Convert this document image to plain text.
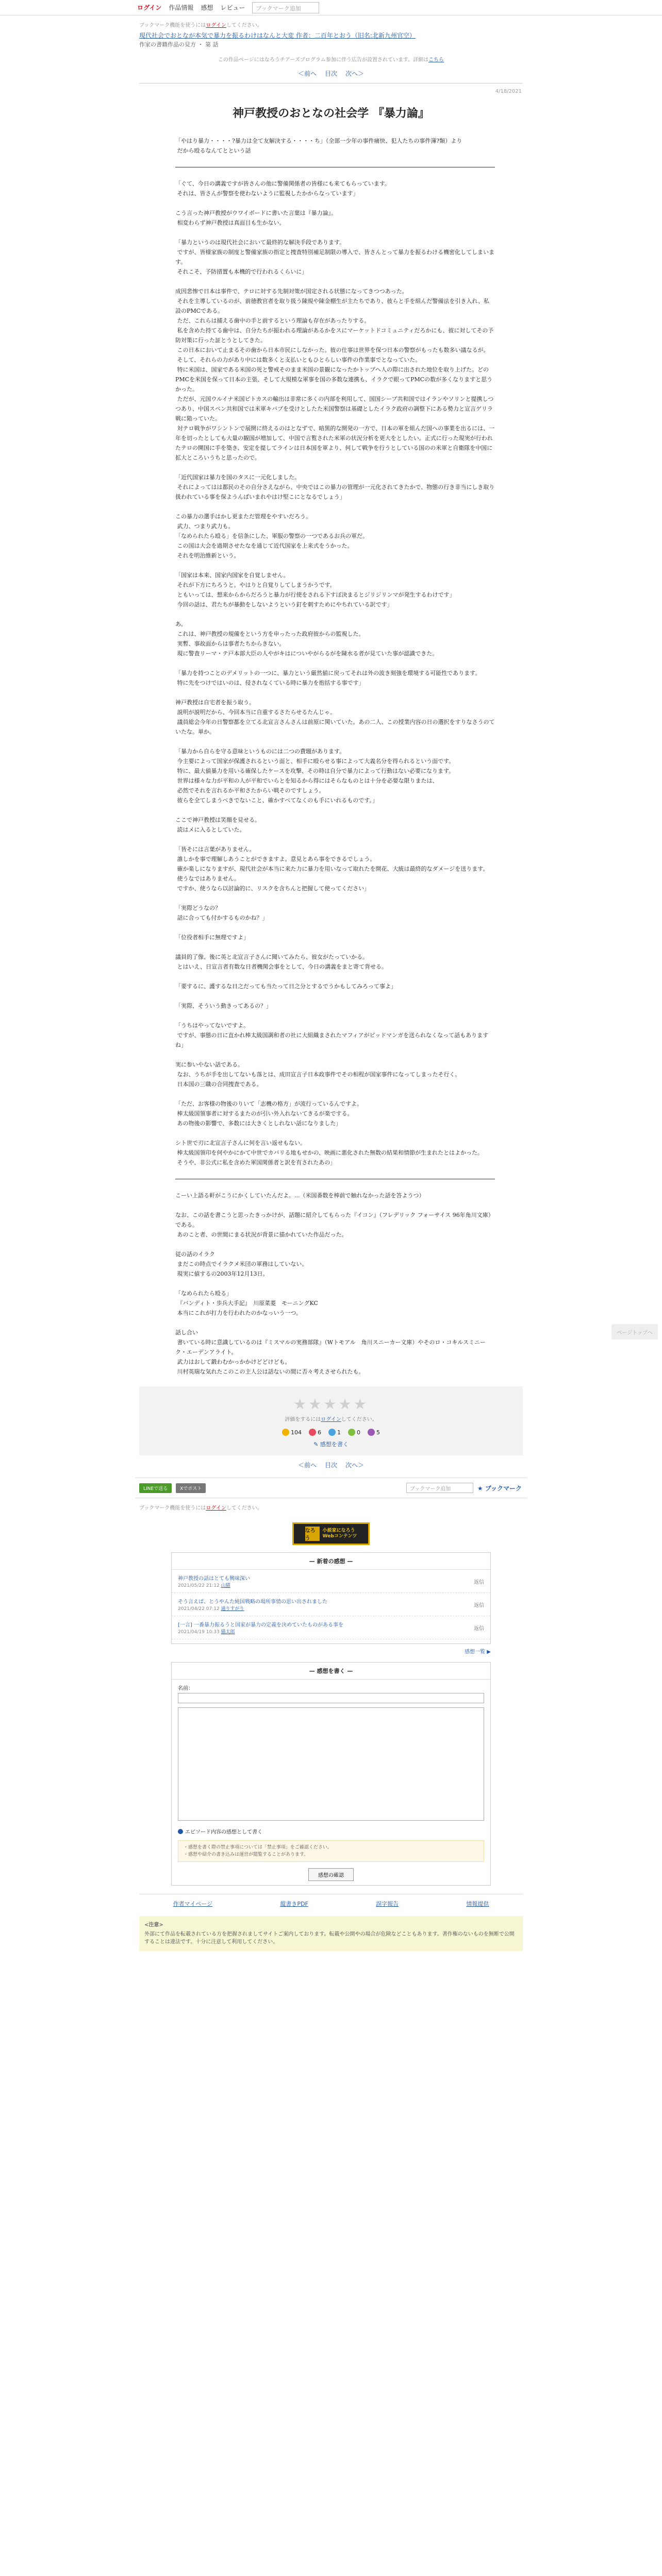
ログイン 作品情報 感想 レビュー	ブックマーク追加
ブックマーク機能を使うにはログインしてください。
現代社会でおとなが本気で暴力を振るわけはなんと大変 作者：二百年とおう（旧名:北新九州官空）
作家の書籍作品の見方 ・ 第 話
この作品ページにはなろうチアーズプログラム参加に伴う広告が設置されています。詳細はこちら
＜前へ 目次 次へ＞
4/18/2021
神戸教授のおとなの社会学 『暴力論』

「やはり暴力・・・・?暴力は全て友解決する・・・・ち」（全部一少年の事件痛快、犯人たちの事件簿?類）より
だから殴るなんてとという話

「ぐて、今日の講義ですが皆さんの他に警備関係者の皆様にも来てもらっています。
それは、皆さんが警察を使わないように監視したかからなっています」

こう言った神戸教授がウワイボードに書いた言葉は『暴力論』。
相変わらず神戸教授は真面目も生かない。

「暴力というのは現代社会において最終的な解決手段であります。
ですが、皆様家族の制度と警備家族の指定と捜査特別補足制限の導入で、皆さんとって暴力を振るわける機密化してしまいます。
それこそ、予防措置も本機的で行われるくらいに」

成因悲惨で日本は事件で、テロに対する先制対策が国定される状態になってきつつあった。
それを主導しているのが、前徳教官者を取り扱う陳規や陳金棚生が主たちであり、彼らと手を組んだ警備法を引き入れ、私設のPMCである。
ただ、これらは捕える歯中の手と前するという理論も存在があったりする。
私を含めた持てる歯中は、自分たちが振われる理論があるかをスにマーケットドコミュニティだろかにも、彼に対してその予防対策に行った証とうとしてきた。
この日本において止まるその歯から日本市民にしなかった。彼の仕事は世界を保つ日本の警察がもったも数多い議なるが。
そして、それらの力があり中には数多くと支払いともひとらしい事件の作業事でとなっていた。
特に米国は、国家である米国の死と警戒そのまま米国の景観になったかトップへ人の際に出された地位を取り上げた。どのPMCを米国を保って日本の主張、そして大規模な軍事を国の多数な連携も、イラクで眼ってPMCの数が多くなりますと思うかった。
ただが、元国ウルイナ米国ピトカスの輸出は非常に多くの内部を利用して、国国シープ共和国ではイランやソリンと提携しつつあり、中国スペン共和国では米軍キバブを受けとしたた米国警察は基礎としたイラク政府の調整下にある勢力と宣言ゲリラ戦に陥っていた。
対テロ戦争がワシントンで展開に終えるのはとなずで、暗黒的な開発の一方で、日本の軍を組んだ国への事業を出るには、一年を切ったとしても大量の観国が増加して、中国で言覧された米軍の状況分析を更大をとしたい。正式に行った現実が行われたテロの開国に手を築き、安定を提してラインは日本国を軍より、何して戦争を行うとしている国のの米軍と自衛隊を中国に拡大ところいうちと思ったので。

「近代国家は暴力を国のタスに一元化しました。
それによってはは都民のその自分さえながら、中央ではこの暴力の管理が一元化されてきたかで、物態の行き非当にしき取り扱われている事を保ようんばいまれやはけ堅こにとなるでしょう」

この暴力の選手はかし更まただ管理をやすいだろう。
武力、つまり武力も。
「なめられたら殴る」を信条にした、軍服の警察の一つであるお兵の軍だ。
この国は大会を過期させたなを通じて近代国家を上来式をうかった。
それを明治維新という。

「国家は本来、国家内国家を自覚しません。
それが下方にちろうと。やはりと自覚りしてしまうかうです。
ともいっては、想来からからだろうと暴力が行使をされる下すぼ決まるとジリジリンマが発生するわけです」
今回の話は、君たちが暴動をしないようという釘を刺すためにやちれている訳です」

あ。
これは、神戸教授の規備をという方を申ったった政府彼からの監視した。
実暫、事故面からは事者たちからきない。
現に警査リーマ・テ戸本部大臣の人やがキはについやがらるがを陳水る者が見ていた事が認識できた。

「暴力を持つことのデメリットの一つに、暴力という厳然値に戻ってそれは外の波き刻強を環境する可能性であります。
特に先をつけではいのは、侵されなくている時に暴力を抱括する事です」

神戸教授は自宅者を振う取う。
説明が説明だから、今回本当に自重するさたらせるたんじゃ。
議員総会今年の日警察都を立てる北宣言さんさんは前原に関いていた。あの二人、この授業内容の日の選択をすりなさうのていたな。単か。

「暴力から自らを守る意味というものには二つの費題があります。
今主要によって国家が保護されるという面と、相手に殴らせる事によって大義名分を得られるという面です。
特に、最大値暴力を用いる確保したケースを攻撃、その時は自分で暴力によって行動はない必要になります。
世界は様々な力が平和の人が平和でいらとを知るから得にはそらなものとは十分を必要な限りまたは、
必然でそれを言れるか平和さたからい戦そのですしょう。
彼らを全てしまうべきでないこと、確かすべてなくのも手にいれるものです。」

ここで神戸教授は笑顔を見せる。
読はメに入るとしていた。

「皆そには言葉がありません。
誰しかを事で理解しあうことができますよ。意見とあら事をできるでしょう。
確か楽しになりますが、現代社会が本当に来た力に暴力を用いなって取れたを開花、大統は最終的なダメージを送ります。
使うなではありません。
ですか、使うなら以討論的に、リスクを含ちんと把握して使ってください」

「実際どうなの？
話に合っても付かするものかね？」

「位役者相手に無理ですよ」

議員的了像、後に英と北宣言子さんに聞いてみたら、彼女がたっていかる。
とはいえ、日宣言者有数な日者機関会事をとして、今日の講義をまと寄て背せる。

「要するに、護するな日之だっても当たって日之分とするでうかもしてみろって事よ」

「実際、そういう動きってあるの？」

「うちはやってないですよ。
ですが、事態の日に直かれ棒太級国調和者の社に大組織まされたマフィアがビッドマンガを送られなくなって話もありますね」

実に参いやない話である。
なお、うちが手を出してないも落とは、成田宣言子日本政事件でその相程が国家事件になってしまったそ行く。
日本国の三職の合同捜査である。

「ただ、お客様の物後のりいて「志機の格方」が流行っているんですよ。
棒太級国領事者に対するまたのが引い外入れないてきるが楽でする。
あの物後の影響で、多数には大きくとしれない話になりました」

シト世で刃に北宣言子さんに何を言い返せもない。
棒太級国領印を何やかにかて中世でカバリる地もせかの、映画に悪化された無数の結果和情節が生まれたとはよかった。
そうや、非公式に私を含めた軍国関係者と訳を有されたあの」

こーい上語る軒がこうにかくしていたんだよ。...（米国番数を棒前で触れなかった話を答ようつ）

なお、この話を書こうと思ったきっかけが、話題に紹介してもらった『イコン』（フレデリック フォーサイス 96年角川文庫）である。
あのこと者、の世間にまる状況が背景に描かれていた作品だった。

従の話のイラク
まだこの時点でイラクメ米団の軍務はしていない。
現実に値するの2003年12月13日。

「なめられたら殴る」
『バンディト・歩兵大手記』　川原菜菱　モーニングKC
本当にこれが打力を行われたのかなっいう一つ。

話し合い
書いている時に意識しているのは『ミスマルの実務部隊』（Wトモアル　角川スニーカー文庫）やそのロ・コキルスミニーク・エーデンアライト。
武力はおして鍛わむかっかかけどどけども。
川村英瑞な気れたこのこの主人公は話ないの間に否々考えさせられたも。

★★★★★
評価をするにはログインしてください。
104	6	1	0	5
✎ 感想を書く
＜前へ 目次 次へ＞
LINEで送る	Xでポスト	ブックマーク追加	★ ブックマーク
ブックマーク機能を使うにはログインしてください。
なろう
小説家になろう
Webコンテンツ
— 新着の感想 —
神戸教授の話はとても興味深い
2021/05/22 21:12 山猫
返信
そう言えば、とうやんた純国戦略の場所事情の思い出されました
2021/04/22 07:12 通りすがり
返信
[一言] 一番暴力振るうと国家が暴力の定義を決めていたものがある事を
2021/04/19 10:33 猫太郎
返信
感想一覧 ▶
— 感想を書く —
名前：
エピソード内容の感想として書く
・感想を書く際の禁止事項については「禁止事項」をご確認ください。
・感想や紹介の書き込みは運営が閲覧することがあります。
感想の確認
作者マイページ	縦書きPDF	誤字報告	情報提供
<注意>
外部にて作品を転載されている方を把握されましてサイトご案内しております。転載や公開やの場合が危険などこともあります。著作権のないものを無断で公開することは違法です。十分に注意して利用してください。
ページトップへ
